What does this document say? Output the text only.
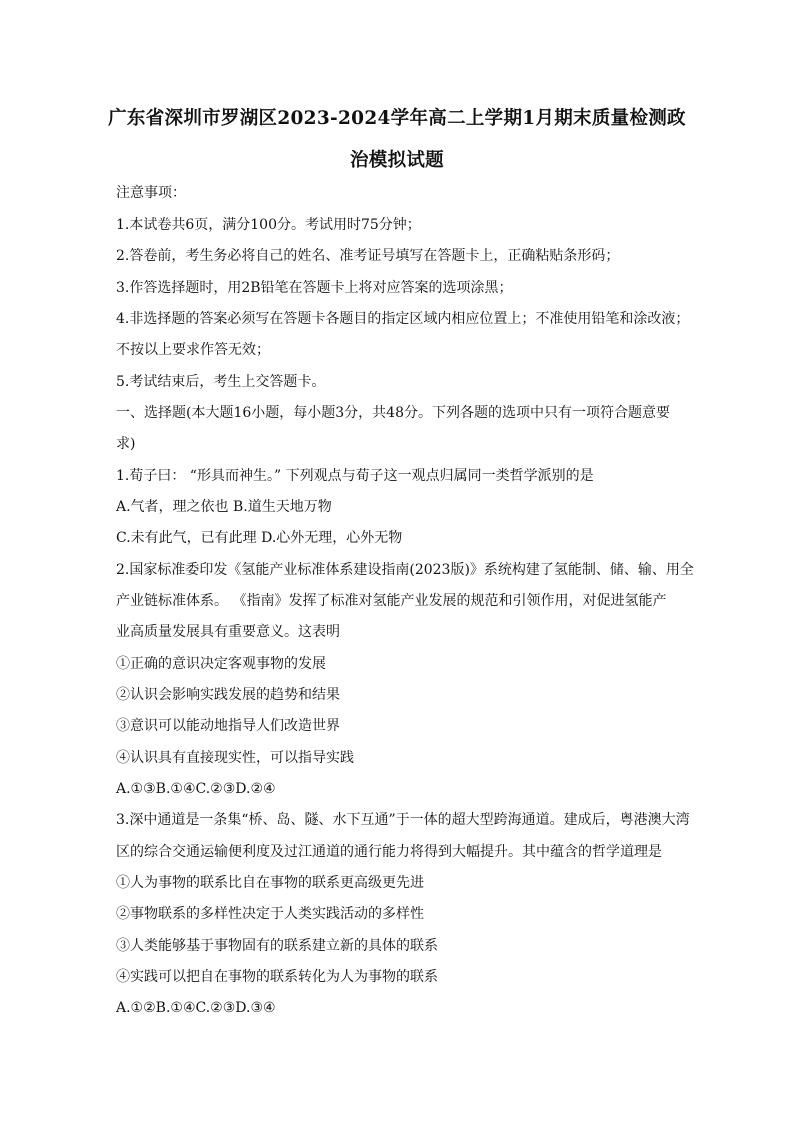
广东省深圳市罗湖区2023-2024学年高二上学期1月期末质量检测政
治模拟试题
注意事项：
1.本试卷共6页，满分100分。考试用时75分钟；
2.答卷前，考生务必将自己的姓名、准考证号填写在答题卡上，正确粘贴条形码；
3.作答选择题时，用2B铅笔在答题卡上将对应答案的选项涂黑；
4.非选择题的答案必须写在答题卡各题目的指定区域内相应位置上；不准使用铅笔和涂改液；
不按以上要求作答无效；
5.考试结束后，考生上交答题卡。
一、选择题(本大题16小题，每小题3分，共48分。下列各题的选项中只有一项符合题意要
求)
1.荀子曰： “形具而神生。” 下列观点与荀子这一观点归属同一类哲学派别的是
A.气者，理之依也 B.道生天地万物
C.未有此气，已有此理 D.心外无理，心外无物
2.国家标准委印发《氢能产业标准体系建设指南(2023版)》系统构建了氢能制、储、输、用全
产业链标准体系。 《指南》发挥了标准对氢能产业发展的规范和引领作用，对促进氢能产
业高质量发展具有重要意义。这表明
①正确的意识决定客观事物的发展
②认识会影响实践发展的趋势和结果
③意识可以能动地指导人们改造世界
④认识具有直接现实性，可以指导实践
A.①③B.①④C.②③D.②④
3.深中通道是一条集“桥、岛、隧、水下互通”于一体的超大型跨海通道。建成后，粤港澳大湾
区的综合交通运输便利度及过江通道的通行能力将得到大幅提升。其中蕴含的哲学道理是
①人为事物的联系比自在事物的联系更高级更先进
②事物联系的多样性决定于人类实践活动的多样性
③人类能够基于事物固有的联系建立新的具体的联系
④实践可以把自在事物的联系转化为人为事物的联系
A.①②B.①④C.②③D.③④
